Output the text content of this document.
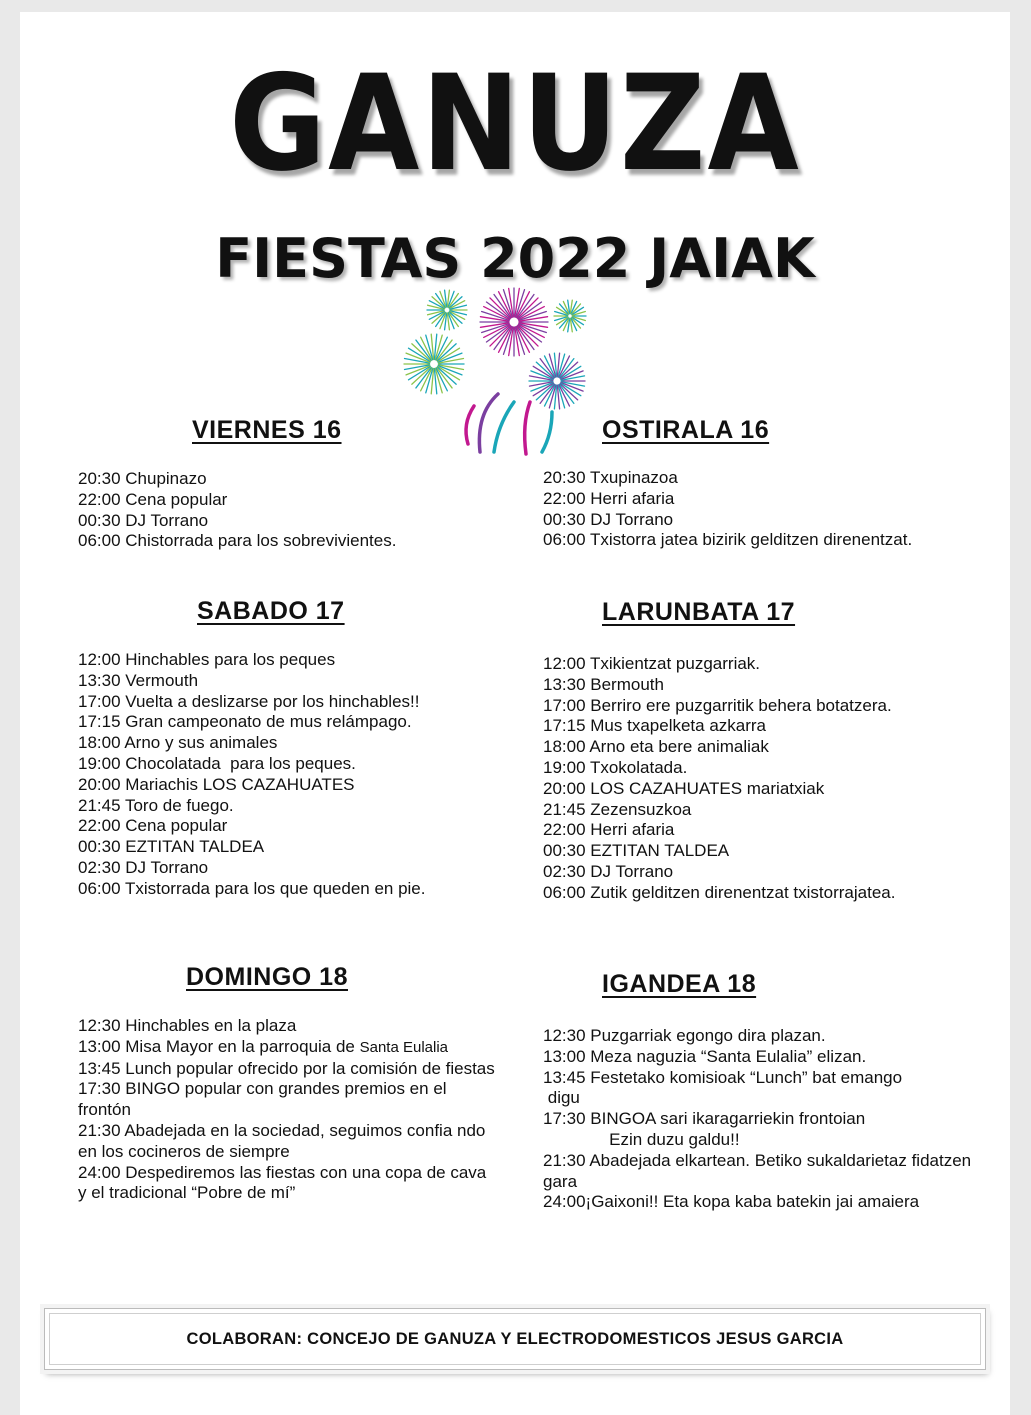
GANUZA
FIESTAS 2022 JAIAK
VIERNES 16
20:30 Chupinazo
22:00 Cena popular
00:30 DJ Torrano
06:00 Chistorrada para los sobrevivientes.
OSTIRALA 16
20:30 Txupinazoa
22:00 Herri afaria
00:30 DJ Torrano
06:00 Txistorra jatea bizirik gelditzen direnentzat.
SABADO 17
12:00 Hinchables para los peques
13:30 Vermouth
17:00 Vuelta a deslizarse por los hinchables!!
17:15 Gran campeonato de mus relámpago.
18:00 Arno y sus animales
19:00 Chocolatada  para los peques.
20:00 Mariachis LOS CAZAHUATES
21:45 Toro de fuego.
22:00 Cena popular
00:30 EZTITAN TALDEA
02:30 DJ Torrano
06:00 Txistorrada para los que queden en pie.
LARUNBATA 17
12:00 Txikientzat puzgarriak.
13:30 Bermouth
17:00 Berriro ere puzgarritik behera botatzera.
17:15 Mus txapelketa azkarra
18:00 Arno eta bere animaliak
19:00 Txokolatada.
20:00 LOS CAZAHUATES mariatxiak
21:45 Zezensuzkoa
22:00 Herri afaria
00:30 EZTITAN TALDEA
02:30 DJ Torrano
06:00 Zutik gelditzen direnentzat txistorrajatea.
DOMINGO 18
12:30 Hinchables en la plaza
13:00 Misa Mayor en la parroquia de Santa Eulalia
13:45 Lunch popular ofrecido por la comisión de fiestas
17:30 BINGO popular con grandes premios en el frontón
21:30 Abadejada en la sociedad, seguimos confia ndo en los cocineros de siempre
24:00 Despediremos las fiestas con una copa de cava y el tradicional “Pobre de mí”
IGANDEA 18
12:30 Puzgarriak egongo dira plazan.
13:00 Meza naguzia “Santa Eulalia” elizan.
13:45 Festetako komisioak “Lunch” bat emango
digu
17:30 BINGOA sari ikaragarriekin frontoian
Ezin duzu galdu!!
21:30 Abadejada elkartean. Betiko sukaldarietaz fidatzen gara
24:00¡Gaixoni!! Eta kopa kaba batekin jai amaiera
COLABORAN: CONCEJO DE GANUZA Y ELECTRODOMESTICOS JESUS GARCIA
